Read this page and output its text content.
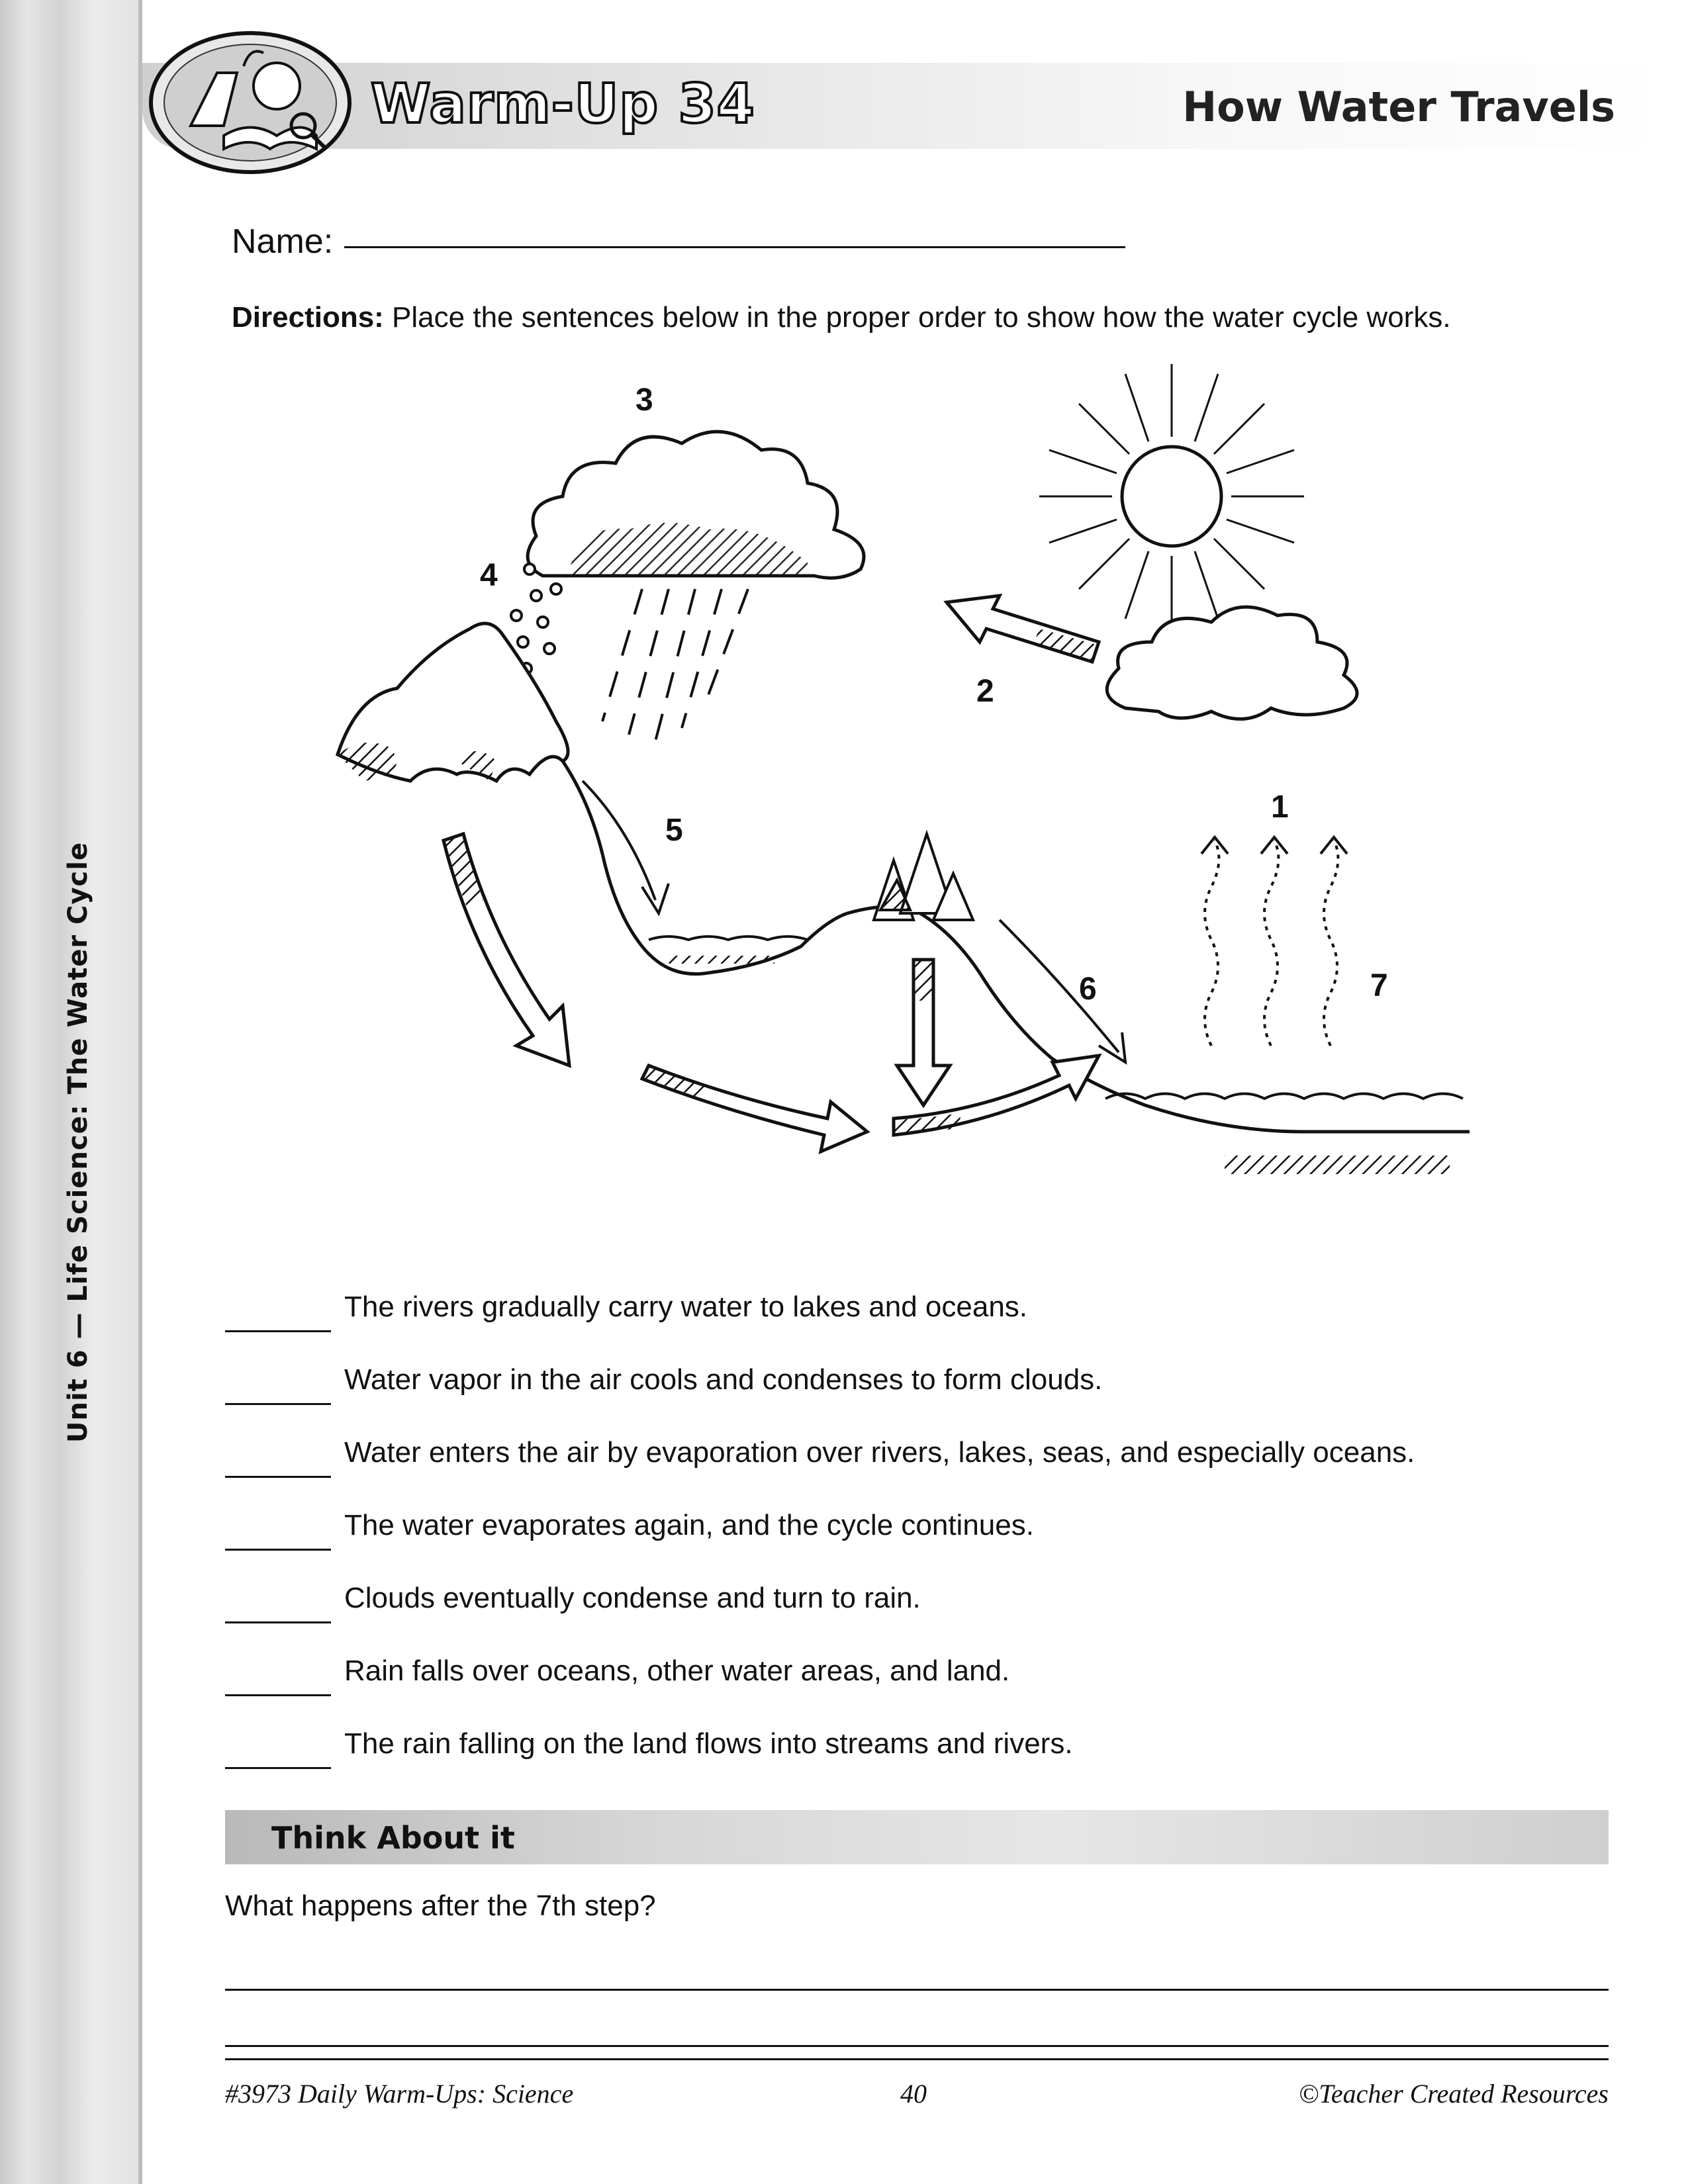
Unit 6 — Life Science: The Water Cycle
Warm-Up 34	How Water Travels
Name:
Directions: Place the sentences below in the proper order to show how the water cycle works.
1
2
3
4
5
6	7
The rivers gradually carry water to lakes and oceans.
Water vapor in the air cools and condenses to form clouds.
Water enters the air by evaporation over rivers, lakes, seas, and especially oceans.
The water evaporates again, and the cycle continues.
Clouds eventually condense and turn to rain.
Rain falls over oceans, other water areas, and land.
The rain falling on the land flows into streams and rivers.
Think About it
What happens after the 7th step?
#3973 Daily Warm-Ups: Science	40	©Teacher Created Resources
